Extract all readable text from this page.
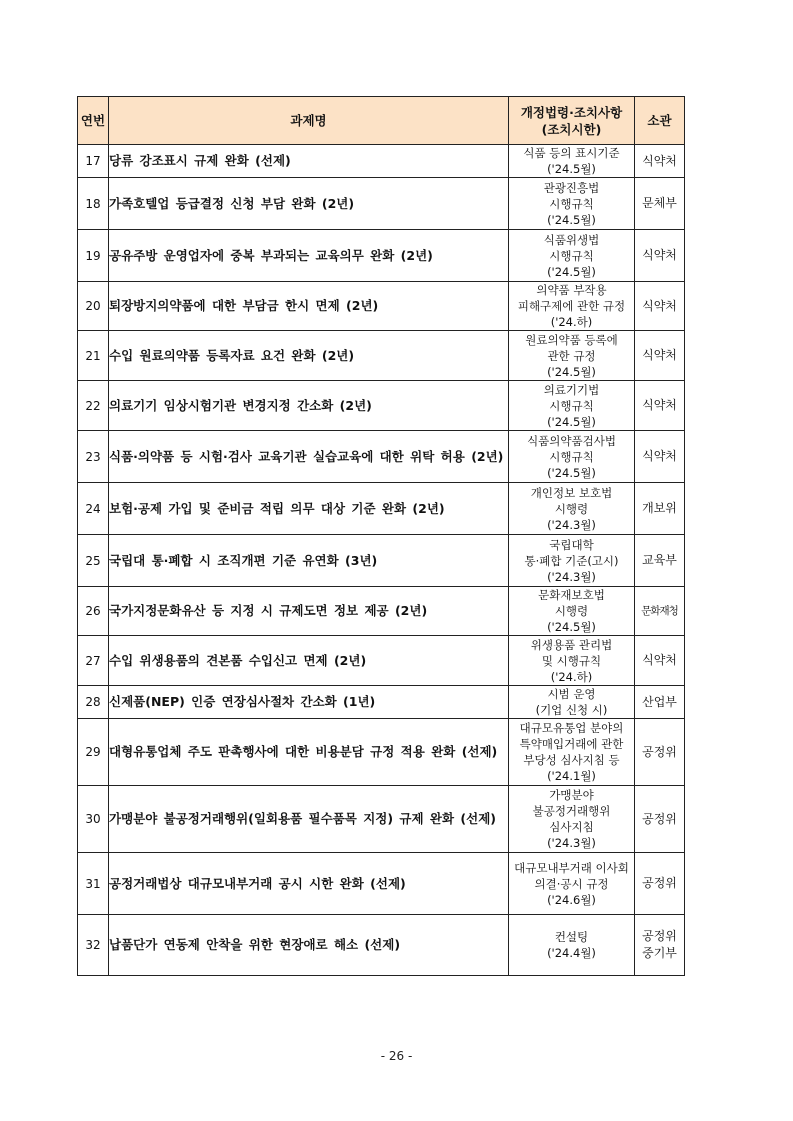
연번	과제명	개정법령·조치사항
(조치시한)	소관
17	당류 강조표시 규제 완화 (선제)	식품 등의 표시기준
('24.5월)	식약처

18	가족호텔업 등급결정 신청 부담 완화 (2년)	관광진흥법
시행규칙
('24.5월)	문체부

19	공유주방 운영업자에 중복 부과되는 교육의무 완화 (2년)	식품위생법
시행규칙
('24.5월)	식약처

20	퇴장방지의약품에 대한 부담금 한시 면제 (2년)	의약품 부작용
피해구제에 관한 규정
('24.하)	식약처

21	수입 원료의약품 등록자료 요건 완화 (2년)	원료의약품 등록에
관한 규정
('24.5월)	식약처

22	의료기기 임상시험기관 변경지정 간소화 (2년)	의료기기법
시행규칙
('24.5월)	식약처

23	식품·의약품 등 시험·검사 교육기관 실습교육에 대한 위탁 허용 (2년)	식품의약품검사법
시행규칙
('24.5월)	식약처

24	보험·공제 가입 및 준비금 적립 의무 대상 기준 완화 (2년)	개인정보 보호법
시행령
('24.3월)	개보위

25	국립대 통·폐합 시 조직개편 기준 유연화 (3년)	국립대학
통·폐합 기준(고시)
('24.3월)	교육부

26	국가지정문화유산 등 지정 시 규제도면 정보 제공 (2년)	문화재보호법
시행령
('24.5월)	문화재청

27	수입 위생용품의 견본품 수입신고 면제 (2년)	위생용품 관리법
및 시행규칙
('24.하)	식약처

28	신제품(NEP) 인증 연장심사절차 간소화 (1년)	시범 운영
(기업 신청 시)	산업부

29	대형유통업체 주도 판촉행사에 대한 비용분담 규정 적용 완화 (선제)	대규모유통업 분야의
특약매입거래에 관한
부당성 심사지침 등
('24.1월)	공정위

30	가맹분야 불공정거래행위(일회용품 필수품목 지정) 규제 완화 (선제)	가맹분야
불공정거래행위
심사지침
('24.3월)	공정위

31	공정거래법상 대규모내부거래 공시 시한 완화 (선제)	대규모내부거래 이사회
의결·공시 규정
('24.6월)	공정위

32	납품단가 연동제 안착을 위한 현장애로 해소 (선제)	컨설팅
('24.4월)	공정위
중기부
- 26 -
